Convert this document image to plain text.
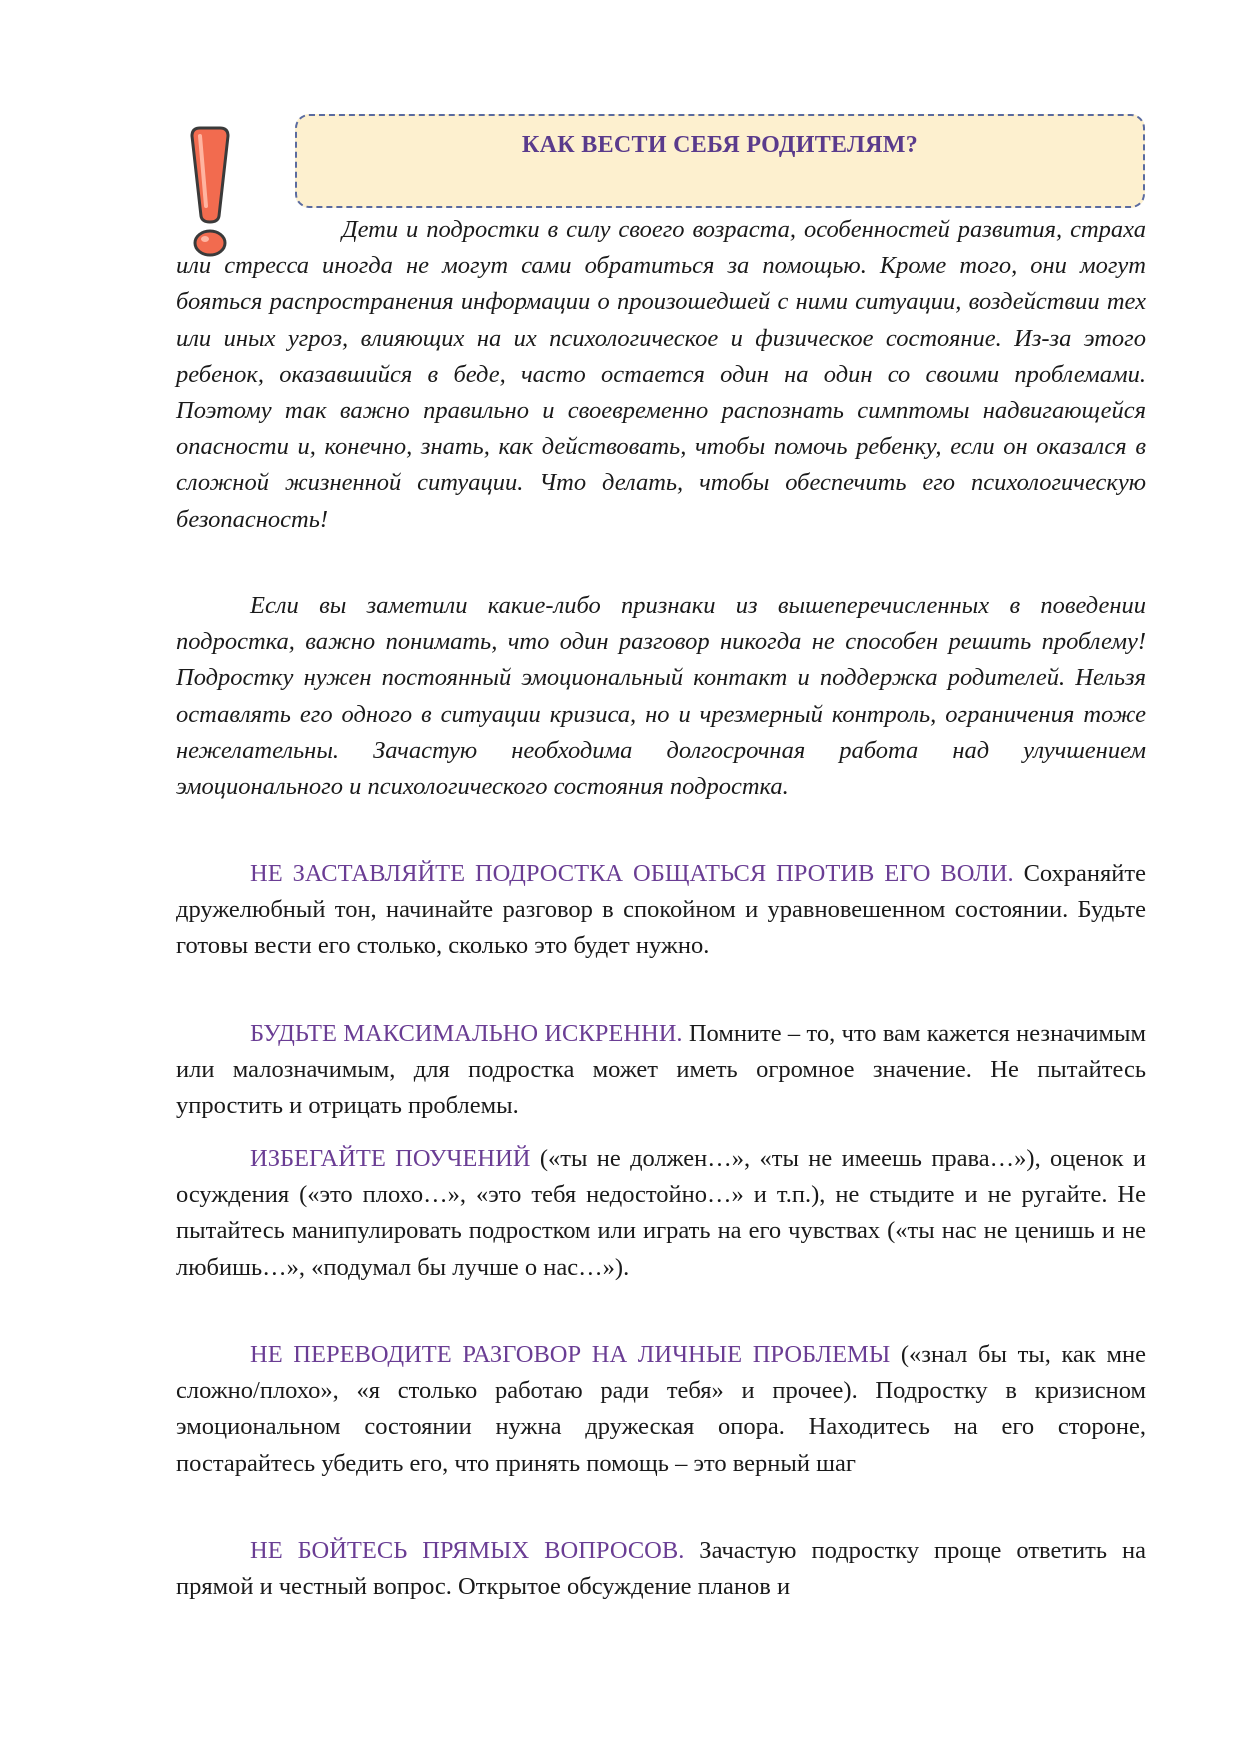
КАК ВЕСТИ СЕБЯ РОДИТЕЛЯМ?

Дети и подростки в силу своего возраста, особенностей развития, страха или стресса иногда не могут сами обратиться за помощью. Кроме того, они могут бояться распространения информации о произошедшей с ними ситуации, воздействии тех или иных угроз, влияющих на их психологическое и физическое состояние. Из-за этого ребенок, оказавшийся в беде, часто остается один на один со своими проблемами. Поэтому так важно правильно и своевременно распознать симптомы надвигающейся опасности и, конечно, знать, как действовать, чтобы помочь ребенку, если он оказался в сложной жизненной ситуации. Что делать, чтобы обеспечить его психологическую безопасность!

Если вы заметили какие-либо признаки из вышеперечисленных в поведении подростка, важно понимать, что один разговор никогда не способен решить проблему! Подростку нужен постоянный эмоциональный контакт и поддержка родителей. Нельзя оставлять его одного в ситуации кризиса, но и чрезмерный контроль, ограничения тоже нежелательны. Зачастую необходима долгосрочная работа над улучшением эмоционального и психологического состояния подростка.

НЕ ЗАСТАВЛЯЙТЕ ПОДРОСТКА ОБЩАТЬСЯ ПРОТИВ ЕГО ВОЛИ. Сохраняйте дружелюбный тон, начинайте разговор в спокойном и уравновешенном состоянии. Будьте готовы вести его столько, сколько это будет нужно.

БУДЬТЕ МАКСИМАЛЬНО ИСКРЕННИ. Помните – то, что вам кажется незначимым или малозначимым, для подростка может иметь огромное значение. Не пытайтесь упростить и отрицать проблемы.

ИЗБЕГАЙТЕ ПОУЧЕНИЙ («ты не должен…», «ты не имеешь права…»), оценок и осуждения («это плохо…», «это тебя недостойно…» и т.п.), не стыдите и не ругайте. Не пытайтесь манипулировать подростком или играть на его чувствах («ты нас не ценишь и не любишь…», «подумал бы лучше о нас…»).

НЕ ПЕРЕВОДИТЕ РАЗГОВОР НА ЛИЧНЫЕ ПРОБЛЕМЫ («знал бы ты, как мне сложно/плохо», «я столько работаю ради тебя» и прочее). Подростку в кризисном эмоциональном состоянии нужна дружеская опора. Находитесь на его стороне, постарайтесь убедить его, что принять помощь – это верный шаг

НЕ БОЙТЕСЬ ПРЯМЫХ ВОПРОСОВ. Зачастую подростку проще ответить на прямой и честный вопрос. Открытое обсуждение планов и
